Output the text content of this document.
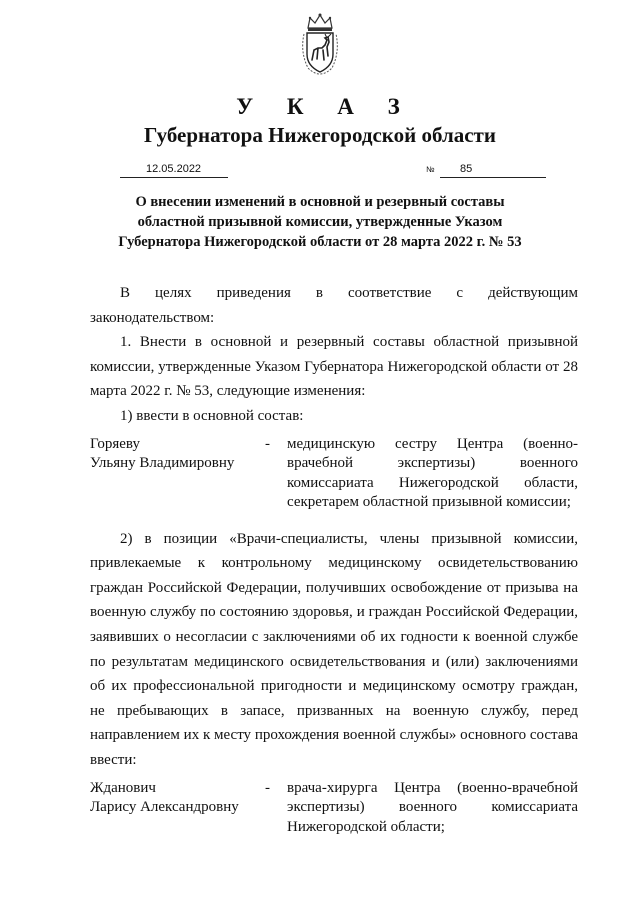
У К А З
Губернатора Нижегородской области
12.05.2022	№ 85
О внесении изменений в основной и резервный составы
областной призывной комиссии, утвержденные Указом
Губернатора Нижегородской области от 28 марта 2022 г. № 53

В целях приведения в соответствие с действующим законодательством:

1. Внести в основной и резервный составы областной призывной комиссии, утвержденные Указом Губернатора Нижегородской области от 28 марта 2022 г. № 53, следующие изменения:

1) ввести в основной состав:

Горяеву
Ульяну Владимировну
-	медицинскую сестру Центра (военно-врачебной экспертизы) военного комиссариата Нижегородской области, секретарем областной призывной комиссии;

2) в позиции «Врачи-специалисты, члены призывной комиссии, привлекаемые к контрольному медицинскому освидетельствованию граждан Российской Федерации, получивших освобождение от призыва на военную службу по состоянию здоровья, и граждан Российской Федерации, заявивших о несогласии с заключениями об их годности к военной службе по результатам медицинского освидетельствования и (или) заключениями об их профессиональной пригодности и медицинскому осмотру граждан, не пребывающих в запасе, призванных на военную службу, перед направлением их к месту прохождения военной службы» основного состава ввести:

Жданович
Ларису Александровну
-	врача-хирурга Центра (военно-врачебной экспертизы) военного комиссариата Нижегородской области;
